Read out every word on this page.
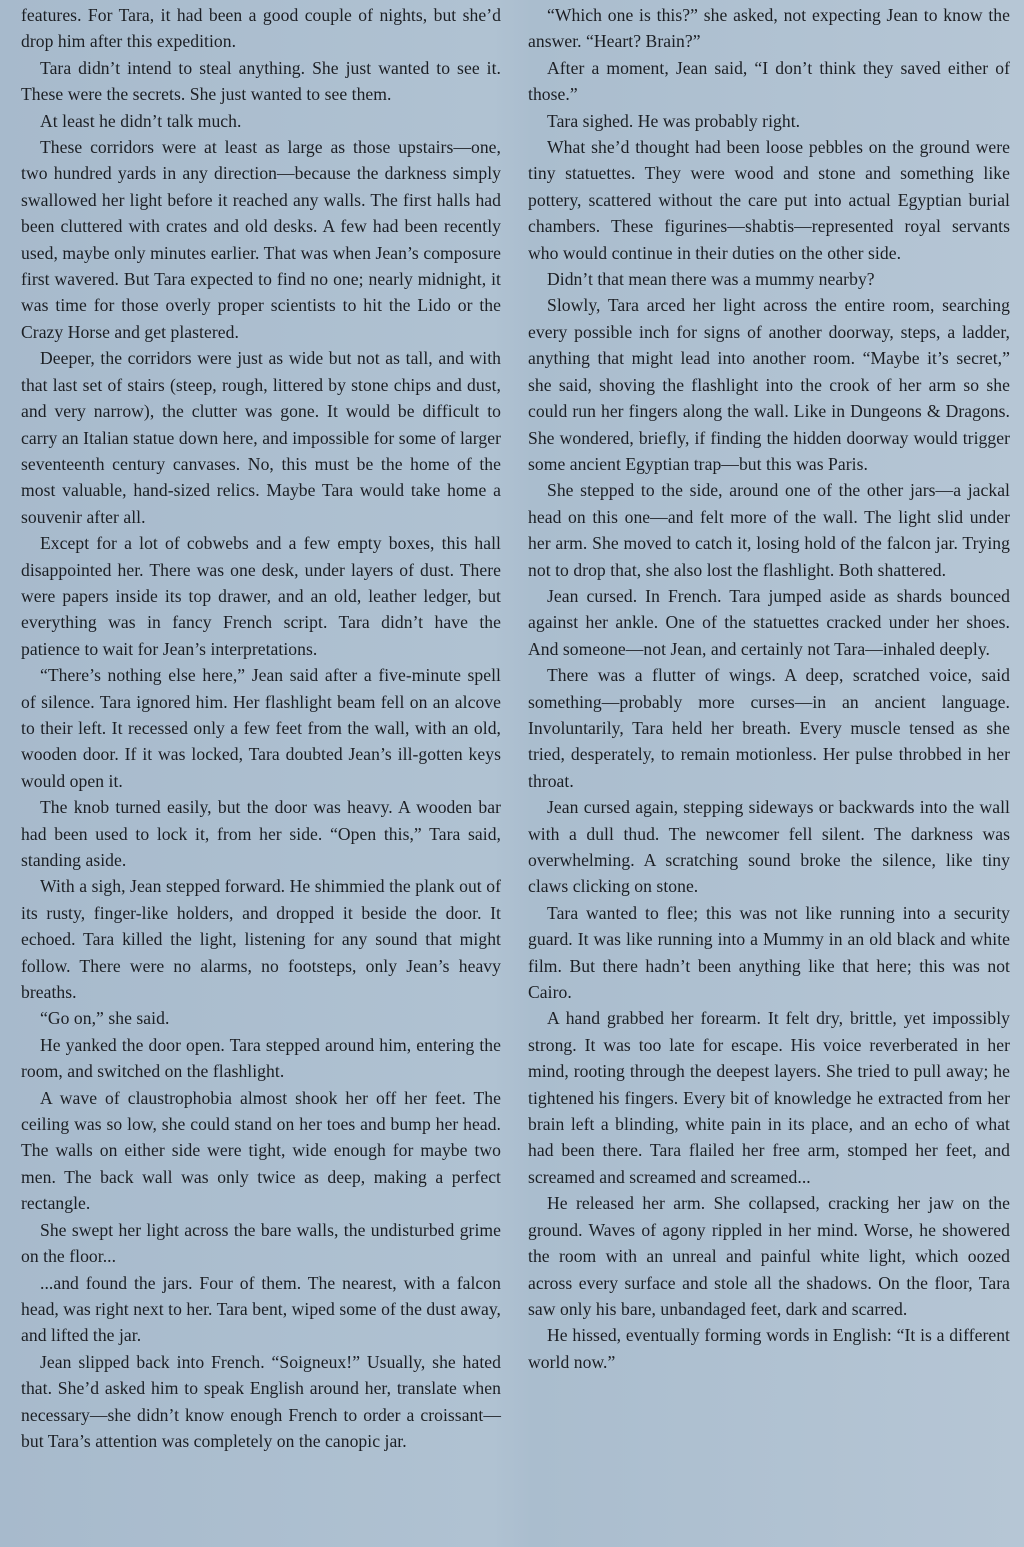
features. For Tara, it had been a good couple of nights, but she’d drop him after this expedition.

Tara didn’t intend to steal anything. She just wanted to see it. These were the secrets. She just wanted to see them.

At least he didn’t talk much.

These corridors were at least as large as those upstairs—one, two hundred yards in any direction—because the darkness simply swallowed her light before it reached any walls. The first halls had been cluttered with crates and old desks. A few had been recently used, maybe only minutes earlier. That was when Jean’s composure first wavered. But Tara expected to find no one; nearly midnight, it was time for those overly proper scientists to hit the Lido or the Crazy Horse and get plastered.

Deeper, the corridors were just as wide but not as tall, and with that last set of stairs (steep, rough, littered by stone chips and dust, and very narrow), the clutter was gone. It would be difficult to carry an Italian statue down here, and impossible for some of larger seventeenth century canvases. No, this must be the home of the most valuable, hand-sized relics. Maybe Tara would take home a souvenir after all.

Except for a lot of cobwebs and a few empty boxes, this hall disappointed her. There was one desk, under layers of dust. There were papers inside its top drawer, and an old, leather ledger, but everything was in fancy French script. Tara didn’t have the patience to wait for Jean’s interpretations.

“There’s nothing else here,” Jean said after a five-minute spell of silence. Tara ignored him. Her flashlight beam fell on an alcove to their left. It recessed only a few feet from the wall, with an old, wooden door. If it was locked, Tara doubted Jean’s ill-gotten keys would open it.

The knob turned easily, but the door was heavy. A wooden bar had been used to lock it, from her side. “Open this,” Tara said, standing aside.

With a sigh, Jean stepped forward. He shimmied the plank out of its rusty, finger-like holders, and dropped it beside the door. It echoed. Tara killed the light, listening for any sound that might follow. There were no alarms, no footsteps, only Jean’s heavy breaths.

“Go on,” she said.

He yanked the door open. Tara stepped around him, entering the room, and switched on the flashlight.

A wave of claustrophobia almost shook her off her feet. The ceiling was so low, she could stand on her toes and bump her head. The walls on either side were tight, wide enough for maybe two men. The back wall was only twice as deep, making a perfect rectangle.

She swept her light across the bare walls, the undisturbed grime on the floor...

...and found the jars. Four of them. The nearest, with a falcon head, was right next to her. Tara bent, wiped some of the dust away, and lifted the jar.

Jean slipped back into French. “Soigneux!” Usually, she hated that. She’d asked him to speak English around her, translate when necessary—she didn’t know enough French to order a croissant—but Tara’s attention was completely on the canopic jar.

“Which one is this?” she asked, not expecting Jean to know the answer. “Heart? Brain?”

After a moment, Jean said, “I don’t think they saved either of those.”

Tara sighed. He was probably right.

What she’d thought had been loose pebbles on the ground were tiny statuettes. They were wood and stone and something like pottery, scattered without the care put into actual Egyptian burial chambers. These figurines—shabtis—represented royal servants who would continue in their duties on the other side.

Didn’t that mean there was a mummy nearby?

Slowly, Tara arced her light across the entire room, searching every possible inch for signs of another doorway, steps, a ladder, anything that might lead into another room. “Maybe it’s secret,” she said, shoving the flashlight into the crook of her arm so she could run her fingers along the wall. Like in Dungeons & Dragons. She wondered, briefly, if finding the hidden doorway would trigger some ancient Egyptian trap—but this was Paris.

She stepped to the side, around one of the other jars—a jackal head on this one—and felt more of the wall. The light slid under her arm. She moved to catch it, losing hold of the falcon jar. Trying not to drop that, she also lost the flashlight. Both shattered.

Jean cursed. In French. Tara jumped aside as shards bounced against her ankle. One of the statuettes cracked under her shoes. And someone—not Jean, and certainly not Tara—inhaled deeply.

There was a flutter of wings. A deep, scratched voice, said something—probably more curses—in an ancient language. Involuntarily, Tara held her breath. Every muscle tensed as she tried, desperately, to remain motionless. Her pulse throbbed in her throat.

Jean cursed again, stepping sideways or backwards into the wall with a dull thud. The newcomer fell silent. The darkness was overwhelming. A scratching sound broke the silence, like tiny claws clicking on stone.

Tara wanted to flee; this was not like running into a security guard. It was like running into a Mummy in an old black and white film. But there hadn’t been anything like that here; this was not Cairo.

A hand grabbed her forearm. It felt dry, brittle, yet impossibly strong. It was too late for escape. His voice reverberated in her mind, rooting through the deepest layers. She tried to pull away; he tightened his fingers. Every bit of knowledge he extracted from her brain left a blinding, white pain in its place, and an echo of what had been there. Tara flailed her free arm, stomped her feet, and screamed and screamed and screamed...

He released her arm. She collapsed, cracking her jaw on the ground. Waves of agony rippled in her mind. Worse, he showered the room with an unreal and painful white light, which oozed across every surface and stole all the shadows. On the floor, Tara saw only his bare, unbandaged feet, dark and scarred.

He hissed, eventually forming words in English: “It is a different world now.”
